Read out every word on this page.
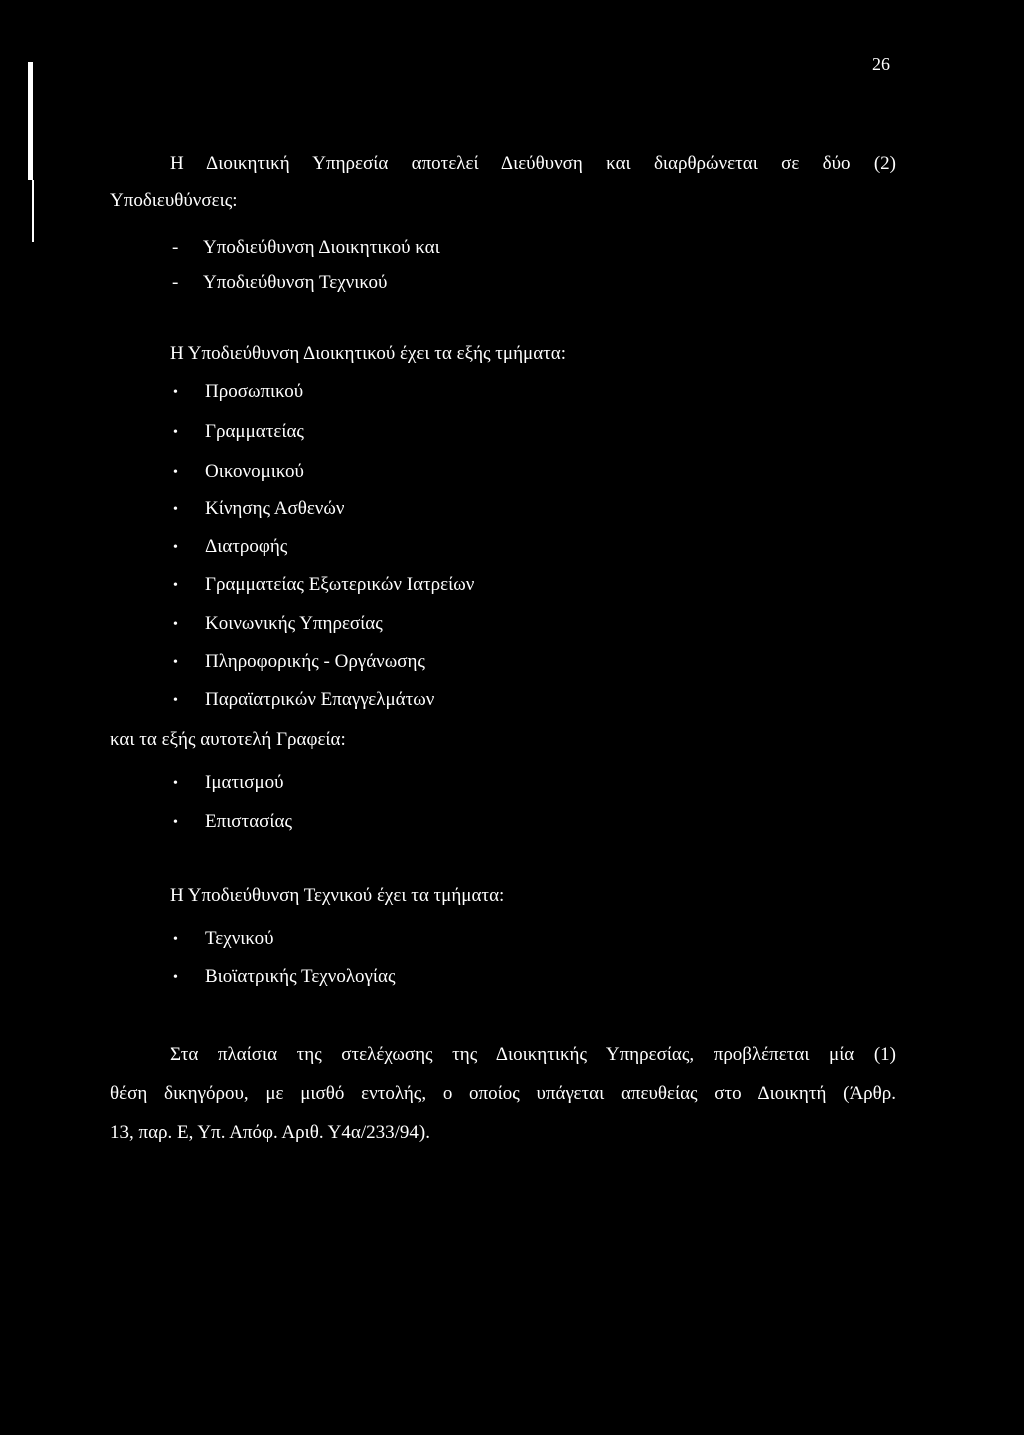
26
Η Διοικητική Υπηρεσία αποτελεί Διεύθυνση και διαρθρώνεται σε δύο (2)
Υποδιευθύνσεις:
- Υποδιεύθυνση Διοικητικού και
- Υποδιεύθυνση Τεχνικού
Η Υποδιεύθυνση Διοικητικού έχει τα εξής τμήματα:
• Προσωπικού
• Γραμματείας
• Οικονομικού
• Κίνησης Ασθενών
• Διατροφής
• Γραμματείας Εξωτερικών Ιατρείων
• Κοινωνικής Υπηρεσίας
• Πληροφορικής - Οργάνωσης
• Παραϊατρικών Επαγγελμάτων
και τα εξής αυτοτελή Γραφεία:
• Ιματισμού
• Επιστασίας
Η Υποδιεύθυνση Τεχνικού έχει τα τμήματα:
• Τεχνικού
• Βιοϊατρικής Τεχνολογίας
Στα πλαίσια της στελέχωσης της Διοικητικής Υπηρεσίας, προβλέπεται μία (1)
θέση δικηγόρου, με μισθό εντολής, ο οποίος υπάγεται απευθείας στο Διοικητή (Άρθρ.
13, παρ. Ε, Υπ. Απόφ. Αριθ. Υ4α/233/94).
